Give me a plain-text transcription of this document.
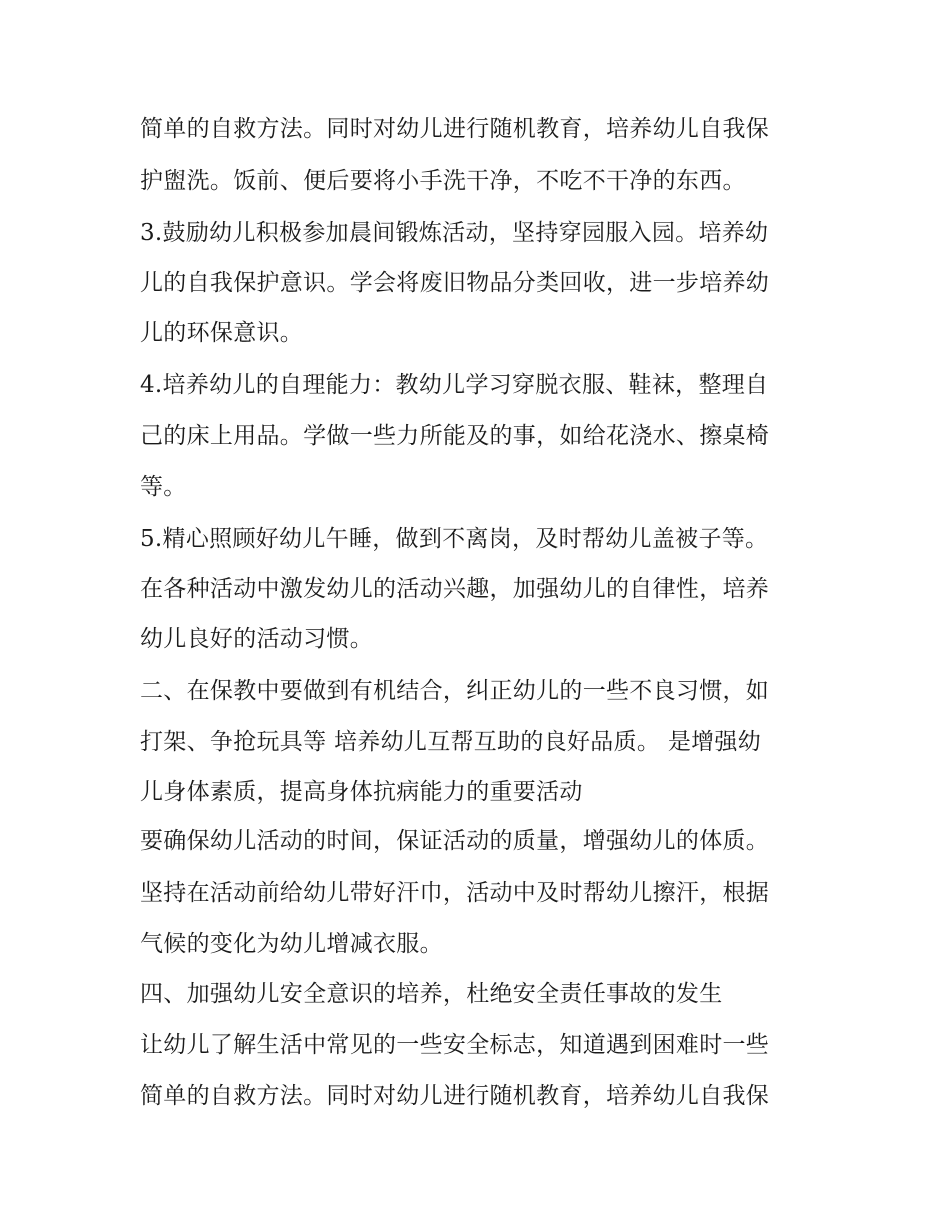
简单的自救方法。同时对幼儿进行随机教育，培养幼儿自我保
护盥洗。饭前、便后要将小手洗干净，不吃不干净的东西。
3.鼓励幼儿积极参加晨间锻炼活动，坚持穿园服入园。培养幼
儿的自我保护意识。学会将废旧物品分类回收，进一步培养幼
儿的环保意识。
4.培养幼儿的自理能力：教幼儿学习穿脱衣服、鞋袜，整理自
己的床上用品。学做一些力所能及的事，如给花浇水、擦桌椅
等。
5.精心照顾好幼儿午睡，做到不离岗，及时帮幼儿盖被子等。
在各种活动中激发幼儿的活动兴趣，加强幼儿的自律性，培养
幼儿良好的活动习惯。
二、在保教中要做到有机结合，纠正幼儿的一些不良习惯，如
打架、争抢玩具等 培养幼儿互帮互助的良好品质。 是增强幼
儿身体素质，提高身体抗病能力的重要活动
要确保幼儿活动的时间，保证活动的质量，增强幼儿的体质。
坚持在活动前给幼儿带好汗巾，活动中及时帮幼儿擦汗，根据
气候的变化为幼儿增减衣服。
四、加强幼儿安全意识的培养，杜绝安全责任事故的发生
让幼儿了解生活中常见的一些安全标志，知道遇到困难时一些
简单的自救方法。同时对幼儿进行随机教育，培养幼儿自我保
